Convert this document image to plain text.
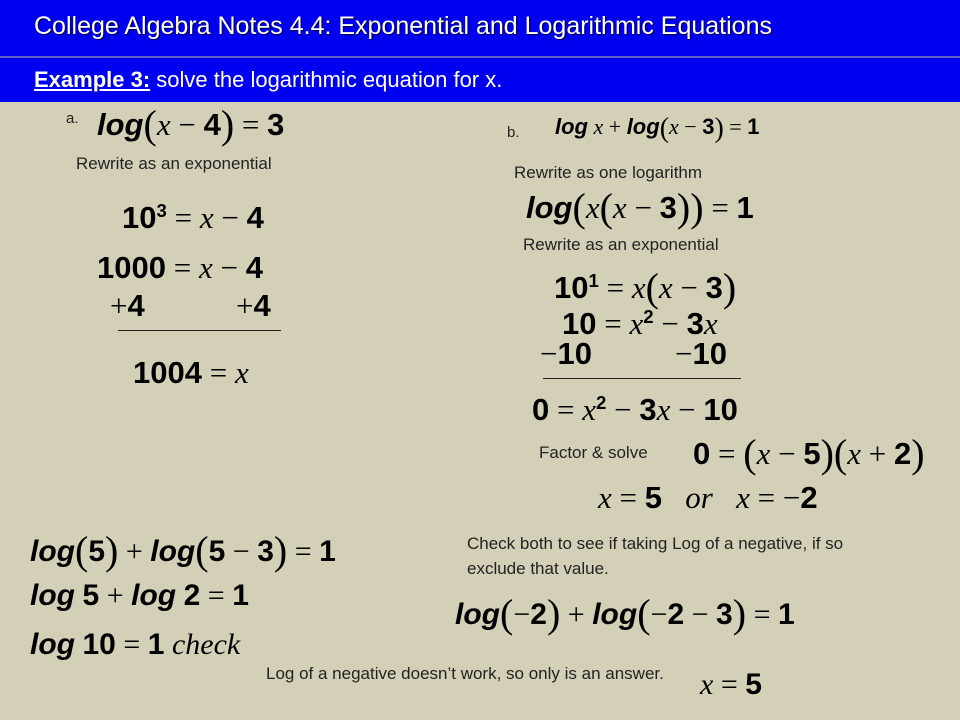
College Algebra Notes 4.4: Exponential and Logarithmic Equations
Example 3: solve the logarithmic equation for x.
a. log(x − 4) = 3
Rewrite as an exponential
$10^3 = x - 4$
1000 = x − 4
+4	+4
1004 = x
b. log x + log(x − 3) = 1
Rewrite as one logarithm
log(x(x − 3)) = 1
Rewrite as an exponential
$10^1 = x(x - 3)$
$10 = x^2 - 3x$
−10	−10
$0 = x^2 - 3x - 10$
Factor & solve 0 = (x − 5)(x + 2)
x = 5 or x = −2
Check both to see if taking Log of a negative, if so exclude that value.
log(5) + log(5 − 3) = 1
log 5 + log 2 = 1
log 10 = 1 check
log(−2) + log(−2 − 3) = 1
Log of a negative doesn’t work, so only is an answer.	x = 5
